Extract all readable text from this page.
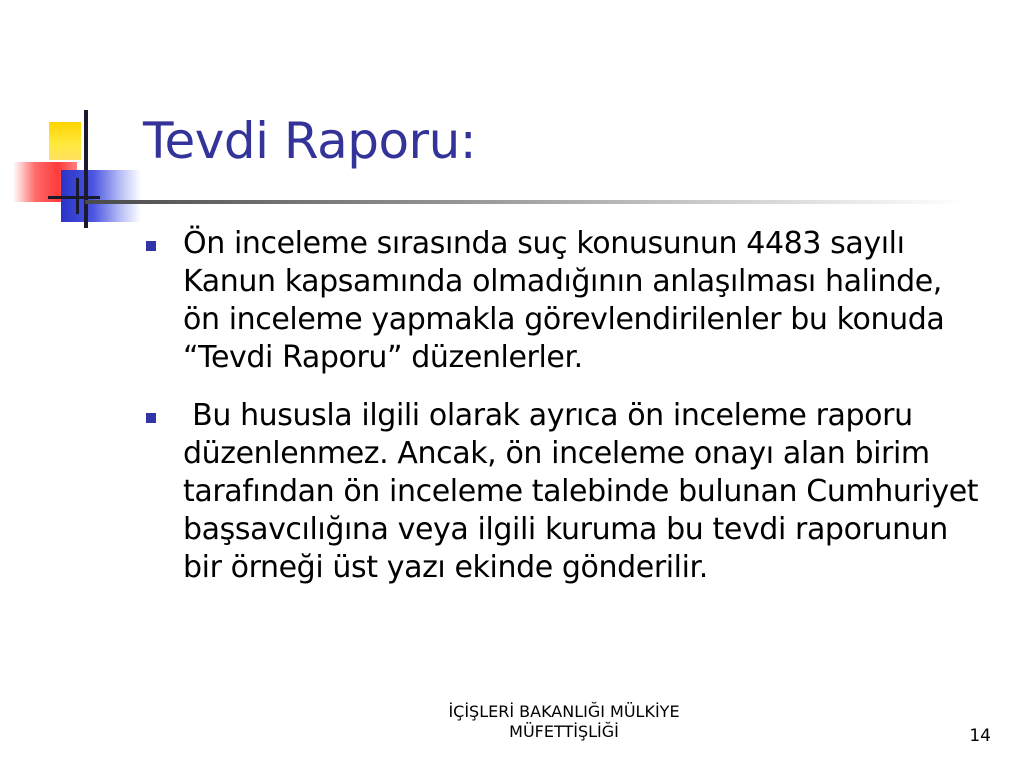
Tevdi Raporu:
Ön inceleme sırasında suç konusunun 4483 sayılı Kanun kapsamında olmadığının anlaşılması halinde, ön inceleme yapmakla görevlendirilenler bu konuda “Tevdi Raporu” düzenlerler.
Bu hususla ilgili olarak ayrıca ön inceleme raporu düzenlenmez. Ancak, ön inceleme onayı alan birim tarafından ön inceleme talebinde bulunan Cumhuriyet başsavcılığına veya ilgili kuruma bu tevdi raporunun bir örneği üst yazı ekinde gönderilir.
İÇİŞLERİ BAKANLIĞI MÜLKİYE
MÜFETTİŞLİĞİ	14
